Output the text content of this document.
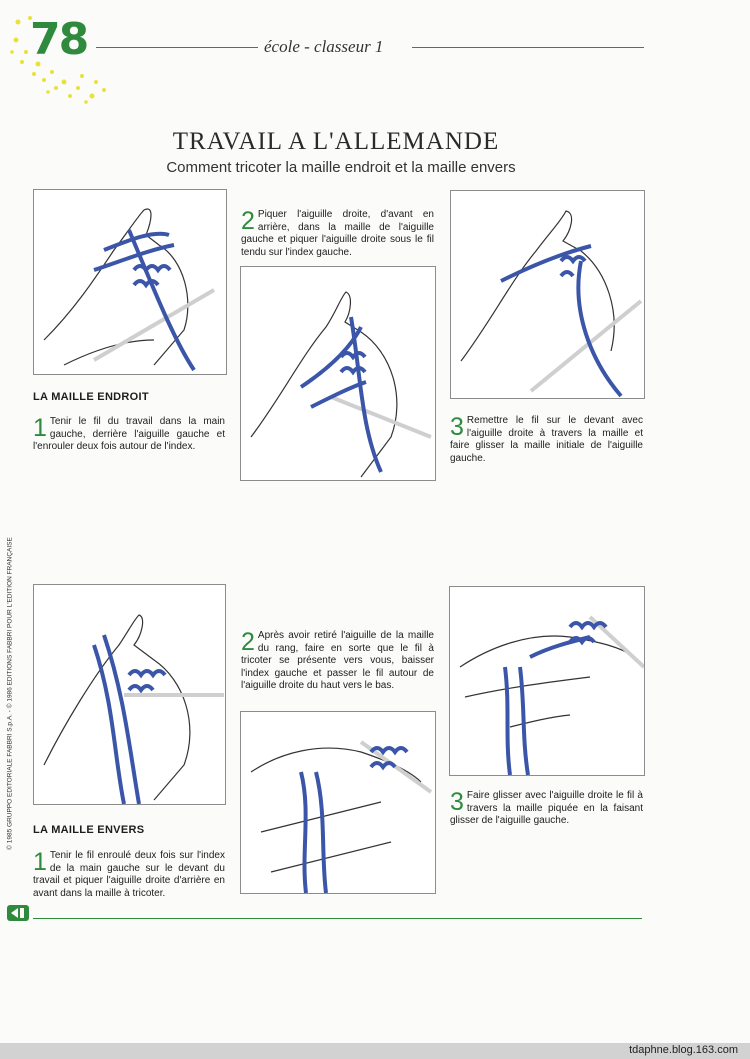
78	école - classeur 1
TRAVAIL A L'ALLEMANDE
Comment tricoter la maille endroit et la maille envers
LA MAILLE ENDROIT
1 Tenir le fil du travail dans la main gauche, derrière l'aiguille gauche et l'enrouler deux fois autour de l'index.
2 Piquer l'aiguille droite, d'avant en arrière, dans la maille de l'aiguille gauche et piquer l'aiguille droite sous le fil tendu sur l'index gauche.
3 Remettre le fil sur le devant avec l'aiguille droite à travers la maille et faire glisser la maille initiale de l'aiguille gauche.
LA MAILLE ENVERS
1 Tenir le fil enroulé deux fois sur l'index de la main gauche sur le devant du travail et piquer l'aiguille droite d'arrière en avant dans la maille à tricoter.
2 Après avoir retiré l'aiguille de la maille du rang, faire en sorte que le fil à tricoter se présente vers vous, baisser l'index gauche et passer le fil autour de l'aiguille droite du haut vers le bas.
3 Faire glisser avec l'aiguille droite le fil à travers la maille piquée en la faisant glisser de l'aiguille gauche.
© 1985 GRUPPO EDITORIALE FABBRI S.p.A. - © 1986 EDITIONS FABBRI POUR L'EDITION FRANÇAISE
tdaphne.blog.163.com
